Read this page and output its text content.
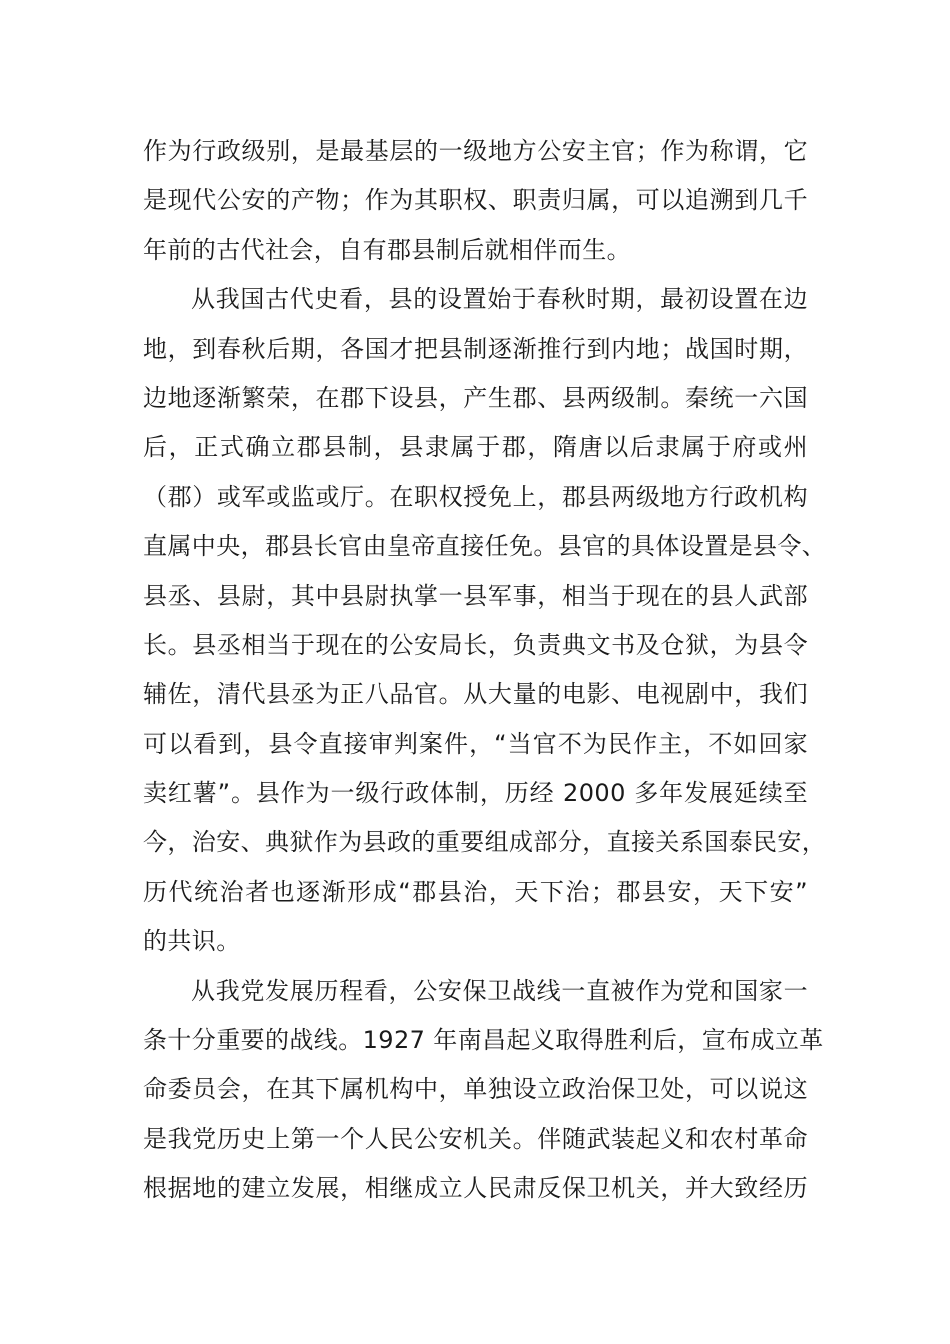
作为行政级别，是最基层的一级地方公安主官；作为称谓，它
是现代公安的产物；作为其职权、职责归属，可以追溯到几千
年前的古代社会，自有郡县制后就相伴而生。
从我国古代史看，县的设置始于春秋时期，最初设置在边
地，到春秋后期，各国才把县制逐渐推行到内地；战国时期，
边地逐渐繁荣，在郡下设县，产生郡、县两级制。秦统一六国
后，正式确立郡县制，县隶属于郡，隋唐以后隶属于府或州
（郡）或军或监或厅。在职权授免上，郡县两级地方行政机构
直属中央，郡县长官由皇帝直接任免。县官的具体设置是县令、
县丞、县尉，其中县尉执掌一县军事，相当于现在的县人武部
长。县丞相当于现在的公安局长，负责典文书及仓狱，为县令
辅佐，清代县丞为正八品官。从大量的电影、电视剧中，我们
可以看到，县令直接审判案件，“当官不为民作主，不如回家
卖红薯”。县作为一级行政体制，历经 2000 多年发展延续至
今，治安、典狱作为县政的重要组成部分，直接关系国泰民安，
历代统治者也逐渐形成“郡县治，天下治；郡县安，天下安”
的共识。
从我党发展历程看，公安保卫战线一直被作为党和国家一
条十分重要的战线。1927 年南昌起义取得胜利后，宣布成立革
命委员会，在其下属机构中，单独设立政治保卫处，可以说这
是我党历史上第一个人民公安机关。伴随武装起义和农村革命
根据地的建立发展，相继成立人民肃反保卫机关，并大致经历
